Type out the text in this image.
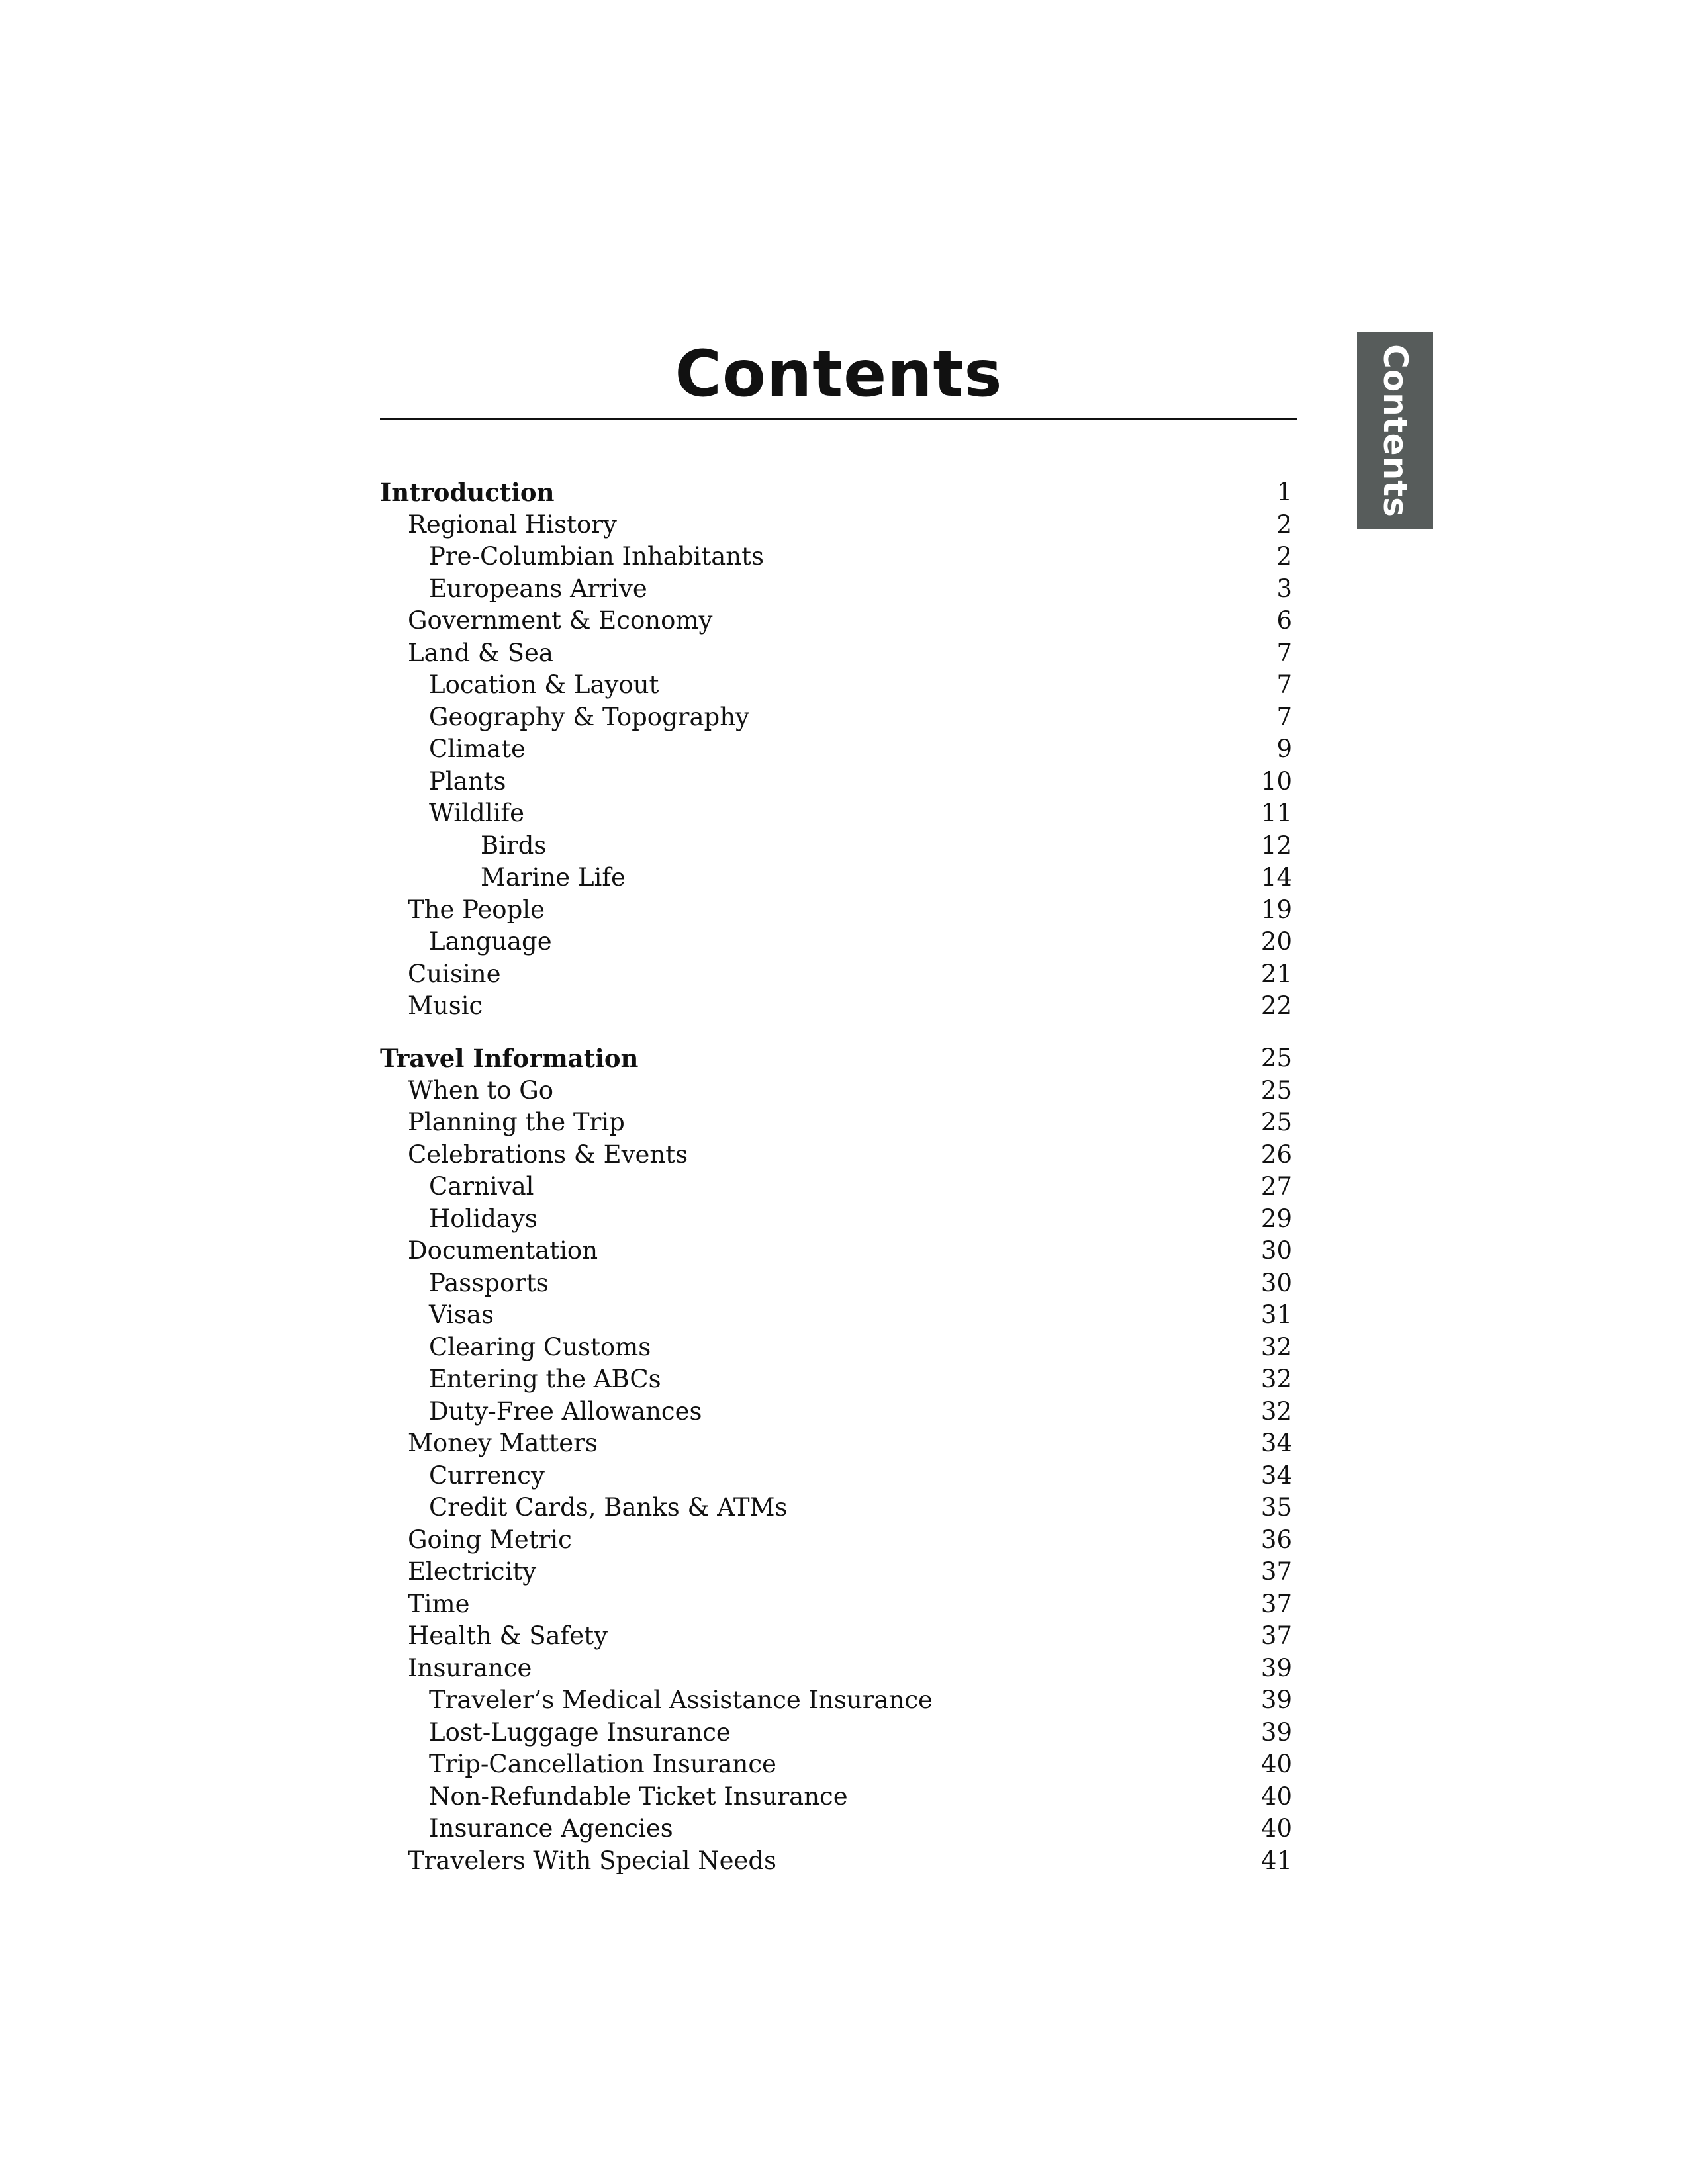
Contents	Contents
Introduction	1
Regional History	2
Pre-Columbian Inhabitants	2
Europeans Arrive	3
Government & Economy	6
Land & Sea	7
Location & Layout	7
Geography & Topography	7
Climate	9
Plants	10
Wildlife	11
Birds	12
Marine Life	14
The People	19
Language	20
Cuisine	21
Music	22
Travel Information	25
When to Go	25
Planning the Trip	25
Celebrations & Events	26
Carnival	27
Holidays	29
Documentation	30
Passports	30
Visas	31
Clearing Customs	32
Entering the ABCs	32
Duty-Free Allowances	32
Money Matters	34
Currency	34
Credit Cards, Banks & ATMs	35
Going Metric	36
Electricity	37
Time	37
Health & Safety	37
Insurance	39
Traveler’s Medical Assistance Insurance	39
Lost-Luggage Insurance	39
Trip-Cancellation Insurance	40
Non-Refundable Ticket Insurance	40
Insurance Agencies	40
Travelers With Special Needs	41
